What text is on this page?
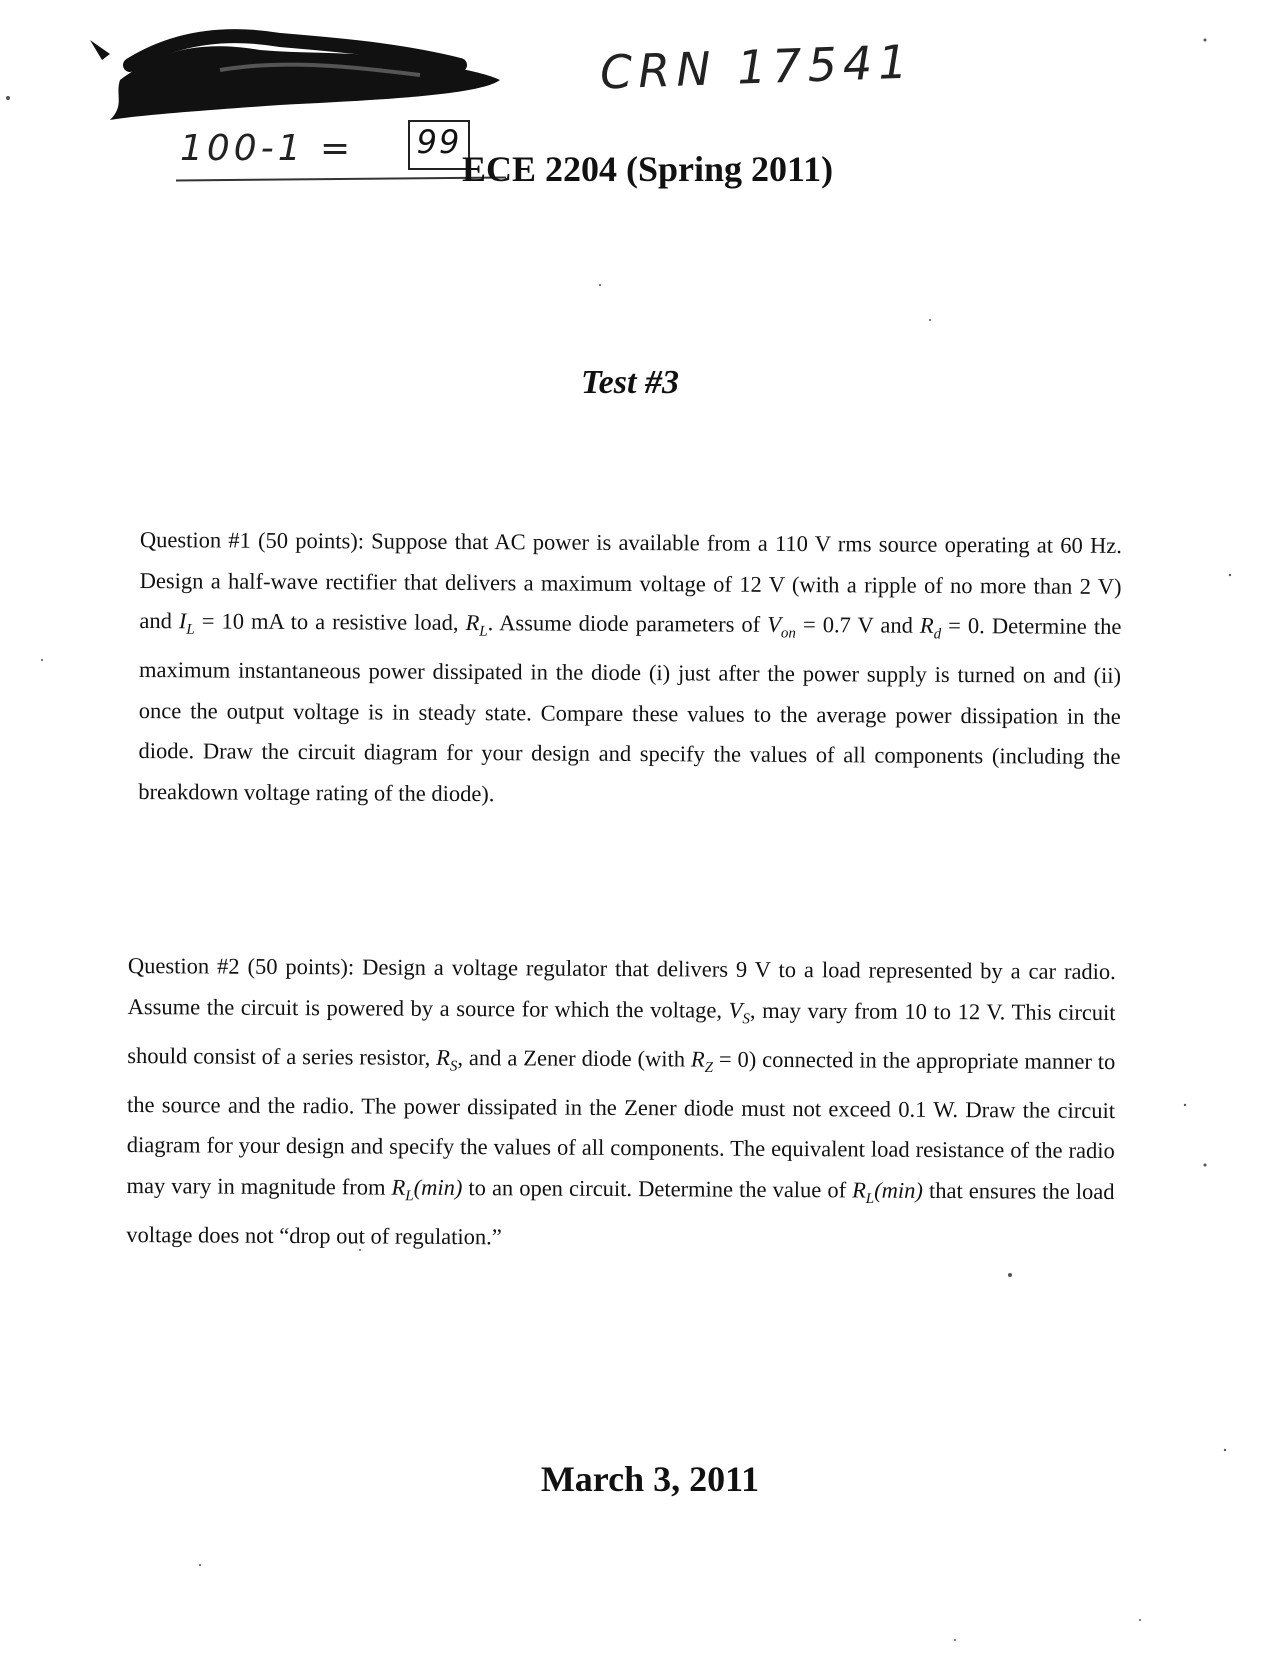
CRN 17541
100-1 = 99
ECE 2204 (Spring 2011)
Test #3
Question #1 (50 points): Suppose that AC power is available from a 110 V rms source operating at 60 Hz. Design a half-wave rectifier that delivers a maximum voltage of 12 V (with a ripple of no more than 2 V) and $I_L = 10$ mA to a resistive load, $R_L$. Assume diode parameters of $V_{on} = 0.7$ V and $R_d = 0$. Determine the maximum instantaneous power dissipated in the diode (i) just after the power supply is turned on and (ii) once the output voltage is in steady state. Compare these values to the average power dissipation in the diode. Draw the circuit diagram for your design and specify the values of all components (including the breakdown voltage rating of the diode).
Question #2 (50 points): Design a voltage regulator that delivers 9 V to a load represented by a car radio. Assume the circuit is powered by a source for which the voltage, $V_S$, may vary from 10 to 12 V. This circuit should consist of a series resistor, $R_S$, and a Zener diode (with $R_Z = 0$) connected in the appropriate manner to the source and the radio. The power dissipated in the Zener diode must not exceed 0.1 W. Draw the circuit diagram for your design and specify the values of all components. The equivalent load resistance of the radio may vary in magnitude from $R_L(\min)$ to an open circuit. Determine the value of $R_L(\min)$ that ensures the load voltage does not “drop out of regulation.”
March 3, 2011
